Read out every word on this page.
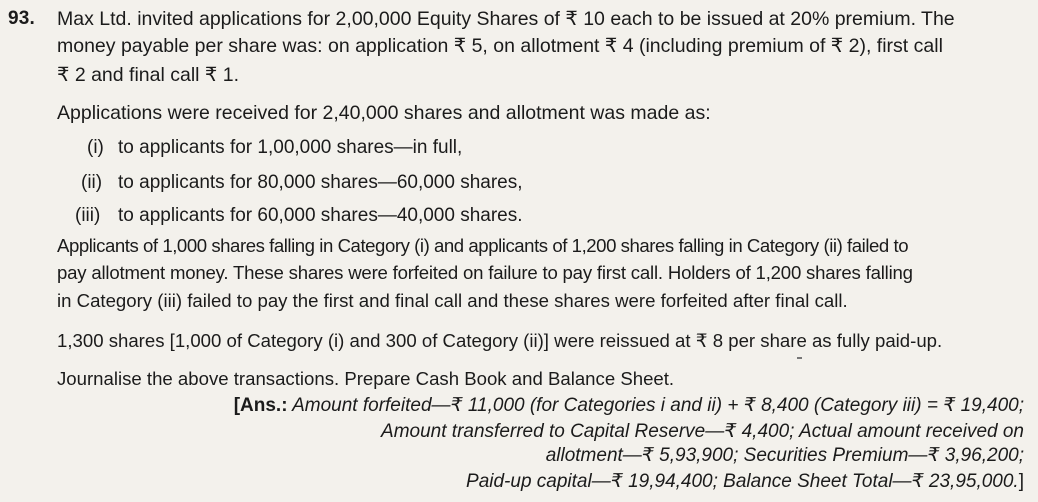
93. Max Ltd. invited applications for 2,00,000 Equity Shares of ₹ 10 each to be issued at 20% premium. The
money payable per share was: on application ₹ 5, on allotment ₹ 4 (including premium of ₹ 2), first call
₹ 2 and final call ₹ 1.
Applications were received for 2,40,000 shares and allotment was made as:
(i) to applicants for 1,00,000 shares—in full,
(ii) to applicants for 80,000 shares—60,000 shares,
(iii) to applicants for 60,000 shares—40,000 shares.
Applicants of 1,000 shares falling in Category (i) and applicants of 1,200 shares falling in Category (ii) failed to
pay allotment money. These shares were forfeited on failure to pay first call. Holders of 1,200 shares falling
in Category (iii) failed to pay the first and final call and these shares were forfeited after final call.
1,300 shares [1,000 of Category (i) and 300 of Category (ii)] were reissued at ₹ 8 per share as fully paid-up.
Journalise the above transactions. Prepare Cash Book and Balance Sheet.
[Ans.: Amount forfeited—₹ 11,000 (for Categories i and ii) + ₹ 8,400 (Category iii) = ₹ 19,400;
Amount transferred to Capital Reserve—₹ 4,400; Actual amount received on
allotment—₹ 5,93,900; Securities Premium—₹ 3,96,200;
Paid-up capital—₹ 19,94,400; Balance Sheet Total—₹ 23,95,000.]
